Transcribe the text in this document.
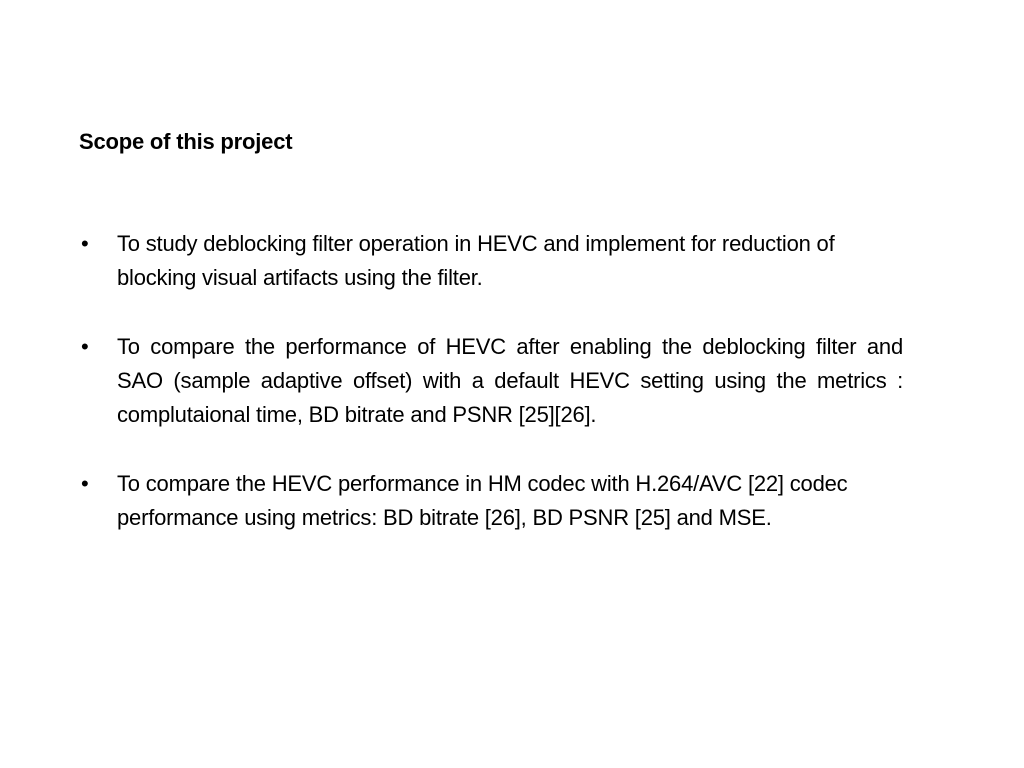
Scope of this project
•	To study deblocking filter operation in HEVC and implement for reduction of blocking visual artifacts using the filter.
•	To compare the performance of HEVC after enabling the deblocking filter and SAO (sample adaptive offset) with a default HEVC setting using the metrics : complutaional time, BD bitrate and PSNR [25][26].
•	To compare the HEVC performance in HM codec with H.264/AVC [22] codec performance using metrics: BD bitrate [26], BD PSNR [25] and MSE.
